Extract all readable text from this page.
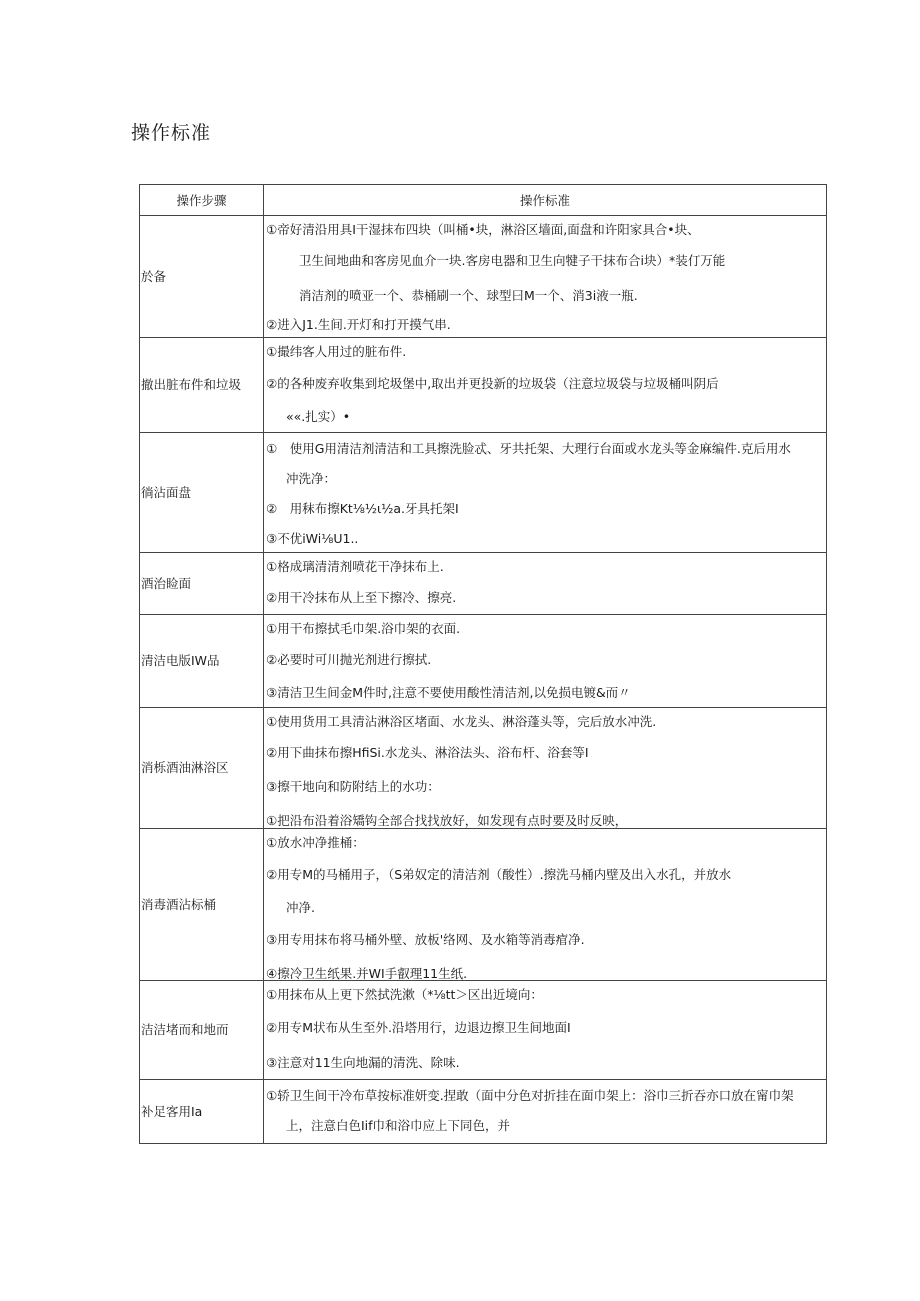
操作标准
操作步骤	操作标准
於备	①帝好清沿用具I干湿抹布四块（叫桶•块，淋浴区墙面,面盘和许阳家具合•块、
卫生间地曲和客房见血介一块.客房电器和卫生向犍子干抹布合i块）*装仃万能
消洁剂的喷亚一个、恭桶刷一个、球型曰M一个、消3i液一瓶.
②进入J1.生间.开灯和打开摸气串.

撤出脏布件和垃圾	①撮纬客人用过的脏布件.
②的各种废弃收集到坨圾堡中,取出并更投新的垃圾袋（注意垃圾袋与垃圾桶叫阴后
««.扎实）•

徜沾面盘	①　使用G用清洁剂清洁和工具擦洗脸忒、牙共托架、大理行台面或水龙头等金麻编件.克后用水
冲洗净：
②　用秣布擦Kt⅛½ι½a.牙具托架I
③不优iWi⅛U1..

酒治睑面	①格成璃清清剂喷花干净抹布上.
②用干冷抹布从上至下擦冷、擦亮.

清洁电版IW品	①用干布擦拭毛巾架.浴巾架的衣面.
②必要时可川抛光剂进行擦拭.
③清洁卫生间金M件时,注意不要使用酸性清洁剂,以免损电镀&而〃

消栎酒油淋浴区	①使用货用工具清沾淋浴区堵面、水龙头、淋浴蓬头等，完后放水冲洗.
②用下曲抹布擦HfiSi.水龙头、淋浴法头、浴布杆、浴套等I
③擦干地向和防附结上的水功：
①把沿布沿着浴矯钩全部合找找放好，如发现有点时要及时反映，

消毒酒沾标桶	①放水冲净推桶：
②用专M的马桶用子，（S弟奴定的清洁剂（酸性）.擦洗马桶内壁及出入水孔，并放水
冲净.
③用专用抹布将马桶外壁、放板'络网、及水箱等消毒痯净.
④擦冷卫生纸果.并WI手叡理11生纸.

洁洁堵而和地而	①用抹布从上更下然拭洗漱（*⅛tt＞区出近境向：
②用专M状布从生至外.沿塔用行，边退边擦卫生间地面I
③注意对11生向地漏的清洗、除味.

补足客用Ia	①轿卫生间干冷布草按标准妍变.捏敢（面中分色对折挂在面巾架上：浴巾三折吞亦口放在甯巾架
上，注意白色Iif巾和浴巾应上下同色，并
